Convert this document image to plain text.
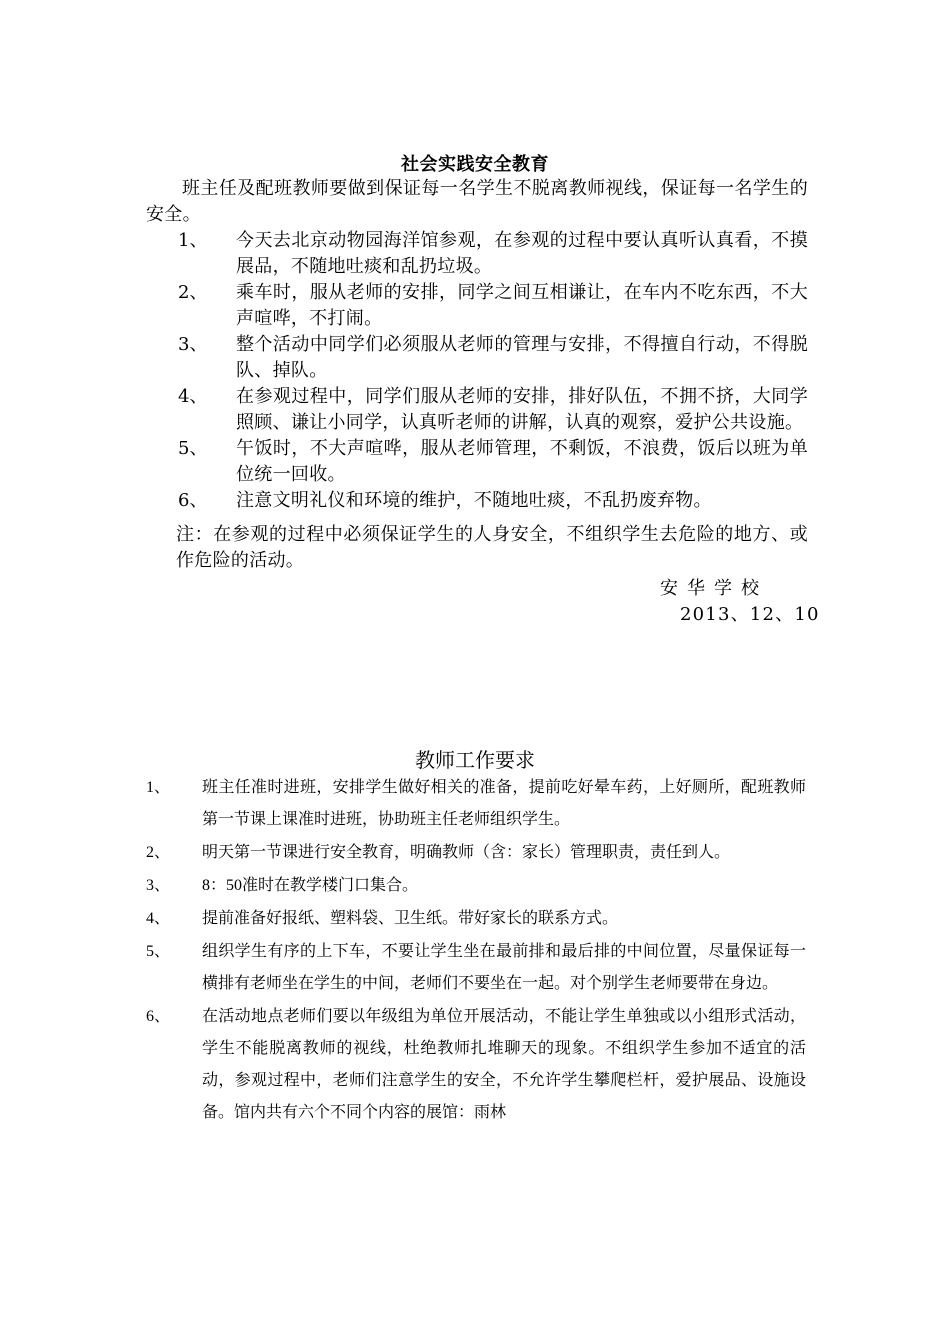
社会实践安全教育
班主任及配班教师要做到保证每一名学生不脱离教师视线，保证每一名学生的安全。
1、	今天去北京动物园海洋馆参观，在参观的过程中要认真听认真看，不摸展品，不随地吐痰和乱扔垃圾。
2、	乘车时，服从老师的安排，同学之间互相谦让，在车内不吃东西，不大声喧哗，不打闹。
3、	整个活动中同学们必须服从老师的管理与安排，不得擅自行动，不得脱队、掉队。
4、	在参观过程中，同学们服从老师的安排，排好队伍，不拥不挤，大同学照顾、谦让小同学，认真听老师的讲解，认真的观察，爱护公共设施。
5、	午饭时，不大声喧哗，服从老师管理，不剩饭，不浪费，饭后以班为单位统一回收。
6、	注意文明礼仪和环境的维护，不随地吐痰，不乱扔废弃物。
注：在参观的过程中必须保证学生的人身安全，不组织学生去危险的地方、或作危险的活动。
安华学校
2013、12、10
教师工作要求
1、	班主任准时进班，安排学生做好相关的准备，提前吃好晕车药，上好厕所，配班教师第一节课上课准时进班，协助班主任老师组织学生。
2、	明天第一节课进行安全教育，明确教师（含：家长）管理职责，责任到人。
3、	8：50准时在教学楼门口集合。
4、	提前准备好报纸、塑料袋、卫生纸。带好家长的联系方式。
5、	组织学生有序的上下车，不要让学生坐在最前排和最后排的中间位置，尽量保证每一横排有老师坐在学生的中间，老师们不要坐在一起。对个别学生老师要带在身边。
6、	在活动地点老师们要以年级组为单位开展活动，不能让学生单独或以小组形式活动，学生不能脱离教师的视线，杜绝教师扎堆聊天的现象。不组织学生参加不适宜的活动，参观过程中，老师们注意学生的安全，不允许学生攀爬栏杆，爱护展品、设施设备。馆内共有六个不同个内容的展馆：雨林
